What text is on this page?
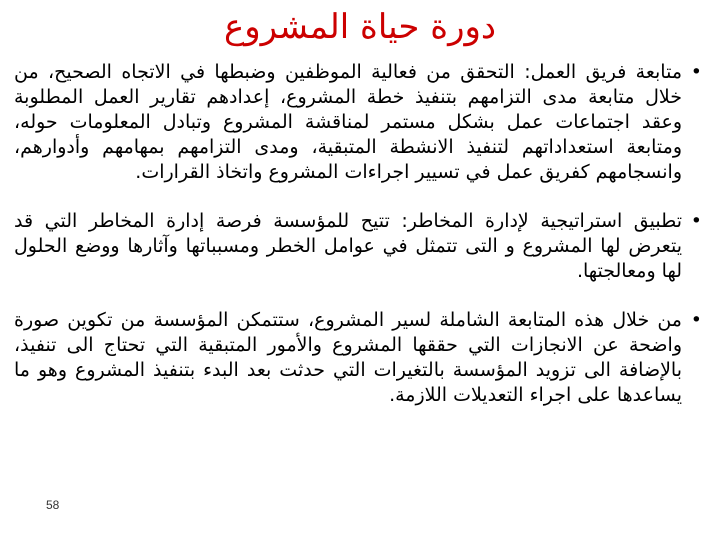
دورة حياة المشروع
•
متابعة فريق العمل: التحقق من فعالية الموظفين وضبطها في الاتجاه الصحيح، من خلال متابعة مدى التزامهم بتنفيذ خطة المشروع، إعدادهم تقارير العمل المطلوبة وعقد اجتماعات عمل بشكل مستمر لمناقشة المشروع وتبادل المعلومات حوله، ومتابعة استعداداتهم لتنفيذ الانشطة المتبقية، ومدى التزامهم بمهامهم وأدوارهم، وانسجامهم كفريق عمل في تسيير اجراءات المشروع واتخاذ القرارات.
•
تطبيق استراتيجية لإدارة المخاطر: تتيح للمؤسسة فرصة إدارة المخاطر التي قد يتعرض لها المشروع و التى تتمثل في عوامل الخطر ومسبباتها وآثارها ووضع الحلول لها ومعالجتها.
•
من خلال هذه المتابعة الشاملة لسير المشروع، ستتمكن المؤسسة من تكوين صورة واضحة عن الانجازات التي حققها المشروع والأمور المتبقية التي تحتاج الى تنفيذ، بالإضافة الى تزويد المؤسسة بالتغيرات التي حدثت بعد البدء بتنفيذ المشروع وهو ما يساعدها على اجراء التعديلات اللازمة.
58
